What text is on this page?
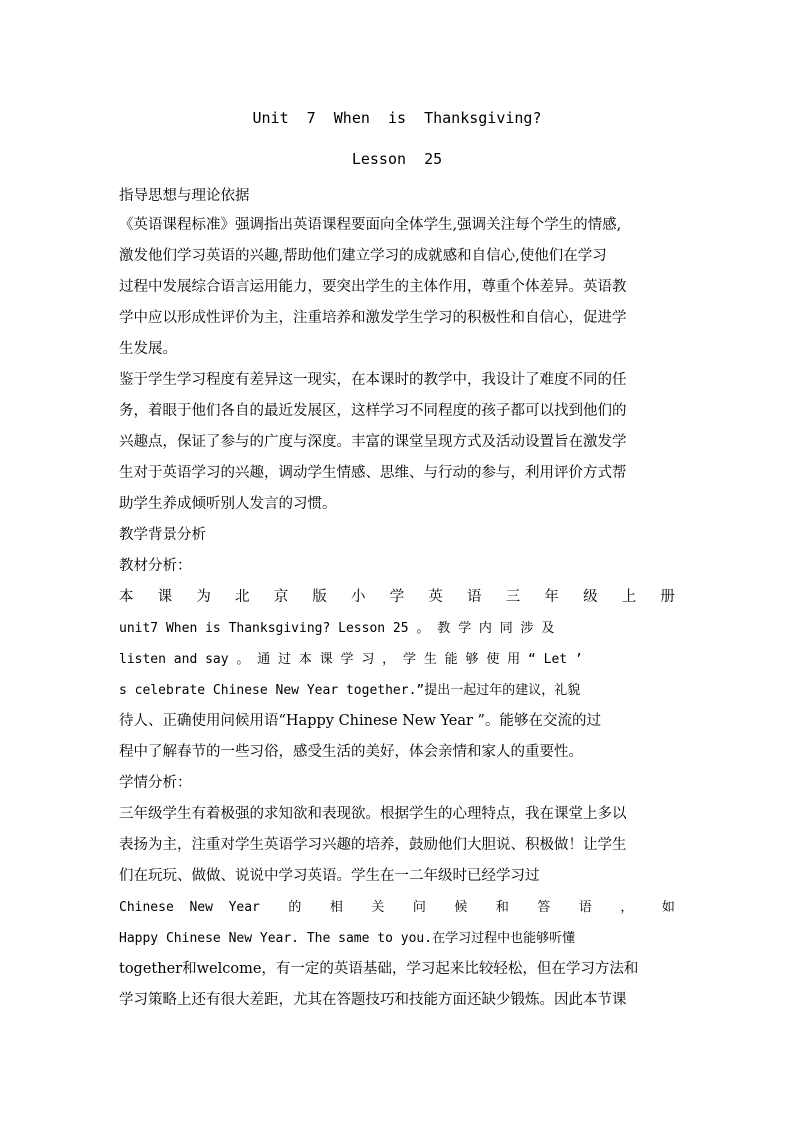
Unit  7  When  is  Thanksgiving?

Lesson  25

指导思想与理论依据

《英语课程标准》强调指出英语课程要面向全体学生,强调关注每个学生的情感,
激发他们学习英语的兴趣,帮助他们建立学习的成就感和自信心,使他们在学习
过程中发展综合语言运用能力，要突出学生的主体作用，尊重个体差异。英语教
学中应以形成性评价为主，注重培养和激发学生学习的积极性和自信心，促进学
生发展。
鉴于学生学习程度有差异这一现实，在本课时的教学中，我设计了难度不同的任
务，着眼于他们各自的最近发展区，这样学习不同程度的孩子都可以找到他们的
兴趣点，保证了参与的广度与深度。丰富的课堂呈现方式及活动设置旨在激发学
生对于英语学习的兴趣，调动学生情感、思维、与行动的参与，利用评价方式帮
助学生养成倾听别人发言的习惯。

教学背景分析

教材分析：

本 课 为 北 京 版 小 学 英 语 三 年 级 上 册
unit7 When is Thanksgiving? Lesson 25 。 教 学 内 同 涉 及
listen and say 。 通 过 本 课 学 习 ， 学 生 能 够 使 用 “ Let ’
s celebrate Chinese New Year together.”提出一起过年的建议，礼貌
待人、正确使用问候用语“Happy Chinese New Year ”。能够在交流的过
程中了解春节的一些习俗，感受生活的美好，体会亲情和家人的重要性。

学情分析：

三年级学生有着极强的求知欲和表现欲。根据学生的心理特点，我在课堂上多以
表扬为主，注重对学生英语学习兴趣的培养，鼓励他们大胆说、积极做！让学生
们在玩玩、做做、说说中学习英语。学生在一二年级时已经学习过
Chinese  New  Year 的 相 关 问 候 和 答 语 ， 如
Happy Chinese New Year. The same to you.在学习过程中也能够听懂
together和welcome，有一定的英语基础，学习起来比较轻松，但在学习方法和
学习策略上还有很大差距，尤其在答题技巧和技能方面还缺少锻炼。因此本节课
